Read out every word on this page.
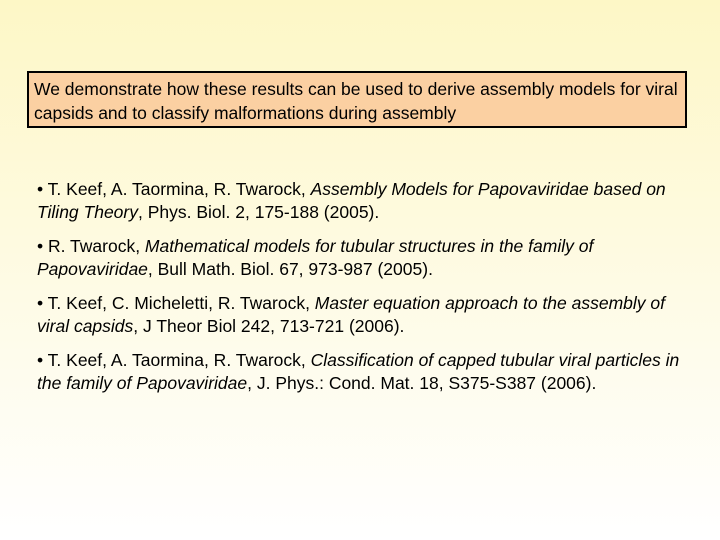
We demonstrate how these results can be used to derive assembly models for viral capsids and to classify malformations during assembly
• T. Keef, A. Taormina, R. Twarock, Assembly Models for Papovaviridae based on Tiling Theory, Phys. Biol. 2, 175-188 (2005).
• R. Twarock, Mathematical models for tubular structures in the family of Papovaviridae, Bull Math. Biol. 67, 973-987 (2005).
• T. Keef, C. Micheletti, R. Twarock, Master equation approach to the assembly of viral capsids, J Theor Biol 242, 713-721 (2006).
• T. Keef, A. Taormina, R. Twarock, Classification of capped tubular viral particles in the family of Papovaviridae, J. Phys.: Cond. Mat. 18, S375-S387 (2006).
